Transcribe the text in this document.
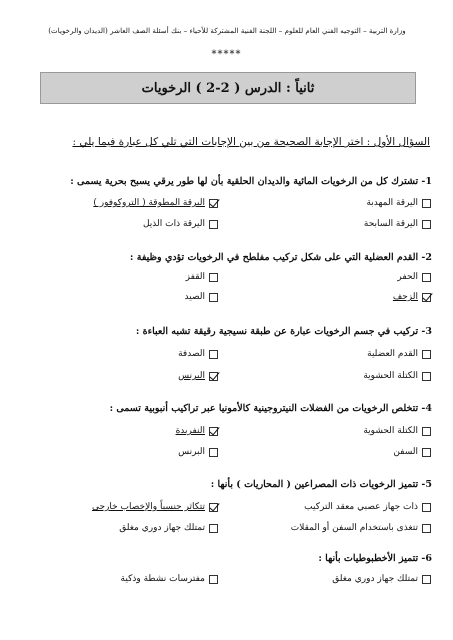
وزارة التربية – التوجيه الفني العام للعلوم – اللجنة الفنية المشتركة للأحياء – بنك أسئلة الصف العاشر (الديدان والرخويات)
*****
ثانياً : الدرس ( 2-2 ) الرخويات
السؤال الأول : اختر الإجابة الصحيحة من بين الإجابات التي تلي كل عبارة فيما يلي :
1- تشترك كل من الرخويات المائية والديدان الحلقية بأن لها طور يرقي يسبح بحرية يسمى :
اليرقة المهدبة
اليرقة المطوقة ( التروكوفور )
اليرقة السابحة
اليرقة ذات الذيل
2- القدم العضلية التي على شكل تركيب مفلطح في الرخويات تؤدي وظيفة :
الحفر
القفز
الزحف
الصيد
3- تركيب في جسم الرخويات عبارة عن طبقة نسيجية رقيقة تشبه العباءة :
القدم العضلية
الصدفة
الكتلة الحشوية
البرنس
4- تتخلص الرخويات من الفضلات النيتروجينية كالأمونيا عبر تراكيب أنبوبية تسمى :
الكتلة الحشوية
النفريدة
السفن
البرنس
5- تتميز الرخويات ذات المصراعين ( المحاريات ) بأنها :
ذات جهاز عصبي معقد التركيب
تتكاثر جنسياً والإخصاب خارجي
تتغذى باستخدام السفن أو المقلات
تمتلك جهاز دوري مغلق
6- تتميز الأخطبوطيات بأنها :
تمتلك جهاز دوري مغلق
مفترسات نشطة وذكية
